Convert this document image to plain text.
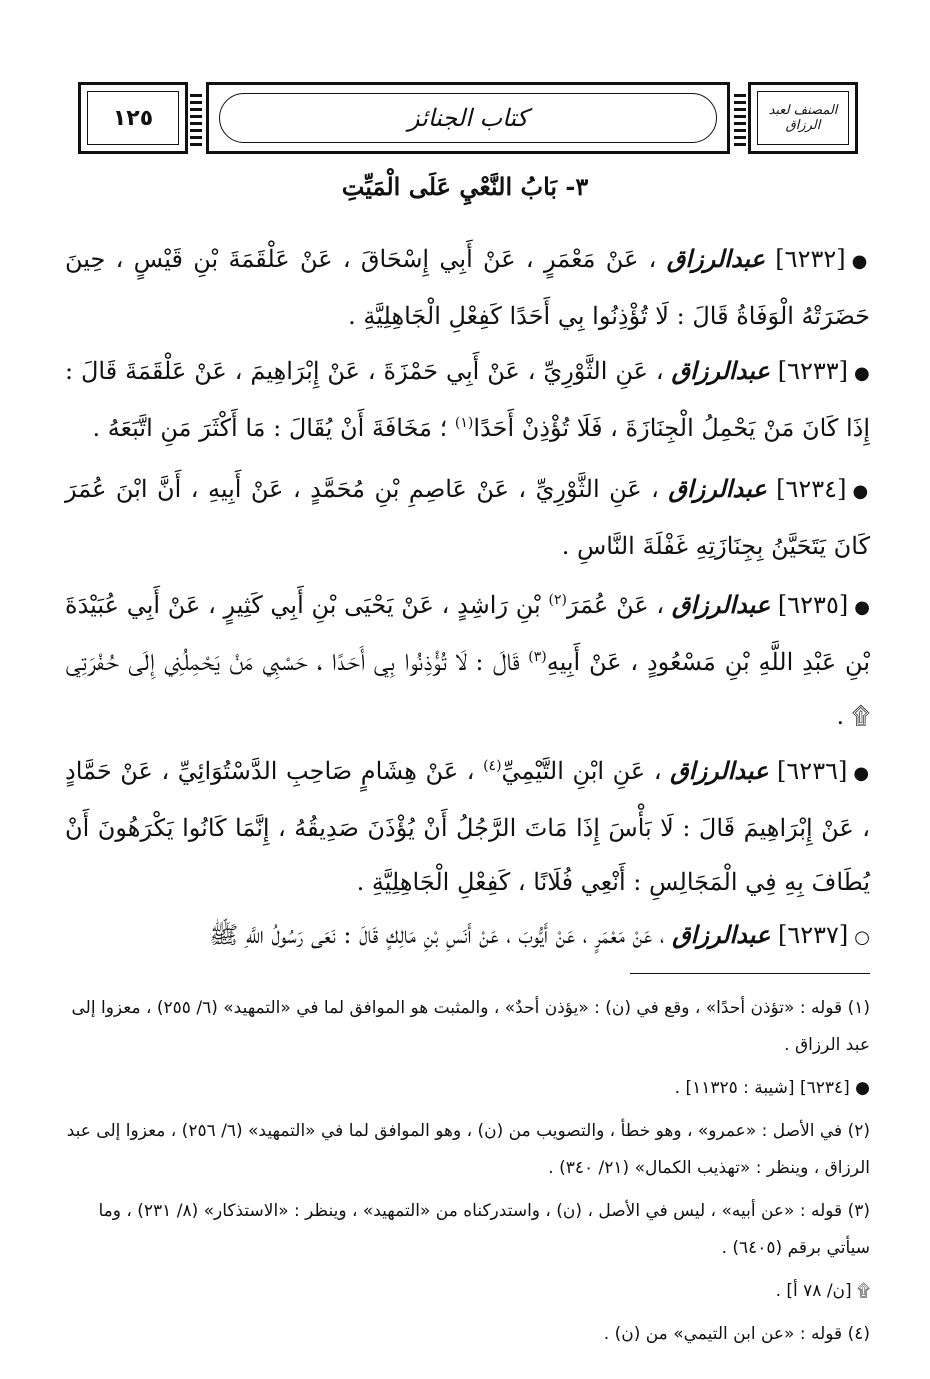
١٢٥	كتاب الجنائز	المصنف لعبد الرزاق
٣- بَابُ النَّعْيِ عَلَى الْمَيِّتِ
●[٦٢٣٢] عبدالرزاق ، عَنْ مَعْمَرٍ ، عَنْ أَبِي إِسْحَاقَ ، عَنْ عَلْقَمَةَ بْنِ قَيْسٍ ، حِينَ حَضَرَتْهُ الْوَفَاةُ قَالَ : لَا تُؤْذِنُوا بِي أَحَدًا كَفِعْلِ الْجَاهِلِيَّةِ .
●[٦٢٣٣] عبدالرزاق ، عَنِ الثَّوْرِيِّ ، عَنْ أَبِي حَمْزَةَ ، عَنْ إِبْرَاهِيمَ ، عَنْ عَلْقَمَةَ قَالَ : إِذَا كَانَ مَنْ يَحْمِلُ الْجِنَازَةَ ، فَلَا تُؤْذِنْ أَحَدًا$^{(١)}$ ؛ مَخَافَةَ أَنْ يُقَالَ : مَا أَكْثَرَ مَنِ اتَّبَعَهُ .
●[٦٢٣٤] عبدالرزاق ، عَنِ الثَّوْرِيِّ ، عَنْ عَاصِمِ بْنِ مُحَمَّدٍ ، عَنْ أَبِيهِ ، أَنَّ ابْنَ عُمَرَ كَانَ يَتَحَيَّنُ بِجِنَازَتِهِ غَفْلَةَ النَّاسِ .
●[٦٢٣٥] عبدالرزاق ، عَنْ عُمَرَ$^{(٢)}$ بْنِ رَاشِدٍ ، عَنْ يَحْيَى بْنِ أَبِي كَثِيرٍ ، عَنْ أَبِي عُبَيْدَةَ بْنِ عَبْدِ اللَّهِ بْنِ مَسْعُودٍ ، عَنْ أَبِيهِ$^{(٣)}$ قَالَ : لَا تُؤْذِنُوا بِي أَحَدًا ، حَسْبِي مَنْ يَحْمِلُنِي إِلَى حُفْرَتِي ۩ .
●[٦٢٣٦] عبدالرزاق ، عَنِ ابْنِ التَّيْمِيِّ$^{(٤)}$ ، عَنْ هِشَامٍ صَاحِبِ الدَّسْتُوَائِيِّ ، عَنْ حَمَّادٍ ، عَنْ إِبْرَاهِيمَ قَالَ : لَا بَأْسَ إِذَا مَاتَ الرَّجُلُ أَنْ يُؤْذَنَ صَدِيقُهُ ، إِنَّمَا كَانُوا يَكْرَهُونَ أَنْ يُطَافَ بِهِ فِي الْمَجَالِسِ : أَنْعِي فُلَانًا ، كَفِعْلِ الْجَاهِلِيَّةِ .
○[٦٢٣٧] عبدالرزاق ، عَنْ مَعْمَرٍ ، عَنْ أَيُّوبَ ، عَنْ أَنَسِ بْنِ مَالِكٍ قَالَ : نَعَى رَسُولُ اللَّهِ ﷺ

(١) قوله : «تؤذن أحدًا» ، وقع في (ن) : «يؤذن أحدٌ» ، والمثبت هو الموافق لما في «التمهيد» (٦/ ٢٥٥) ، معزوا إلى عبد الرزاق .

● [٦٢٣٤] [شيبة : ١١٣٢٥] .

(٢) في الأصل : «عمرو» ، وهو خطأ ، والتصويب من (ن) ، وهو الموافق لما في «التمهيد» (٦/ ٢٥٦) ، معزوا إلى عبد الرزاق ، وينظر : «تهذيب الكمال» (٢١/ ٣٤٠) .

(٣) قوله : «عن أبيه» ، ليس في الأصل ، (ن) ، واستدركناه من «التمهيد» ، وينظر : «الاستذكار» (٨/ ٢٣١) ، وما سيأتي برقم (٦٤٠٥) .

۩ [ن/ ٧٨ أ] .

(٤) قوله : «عن ابن التيمي» من (ن) .
